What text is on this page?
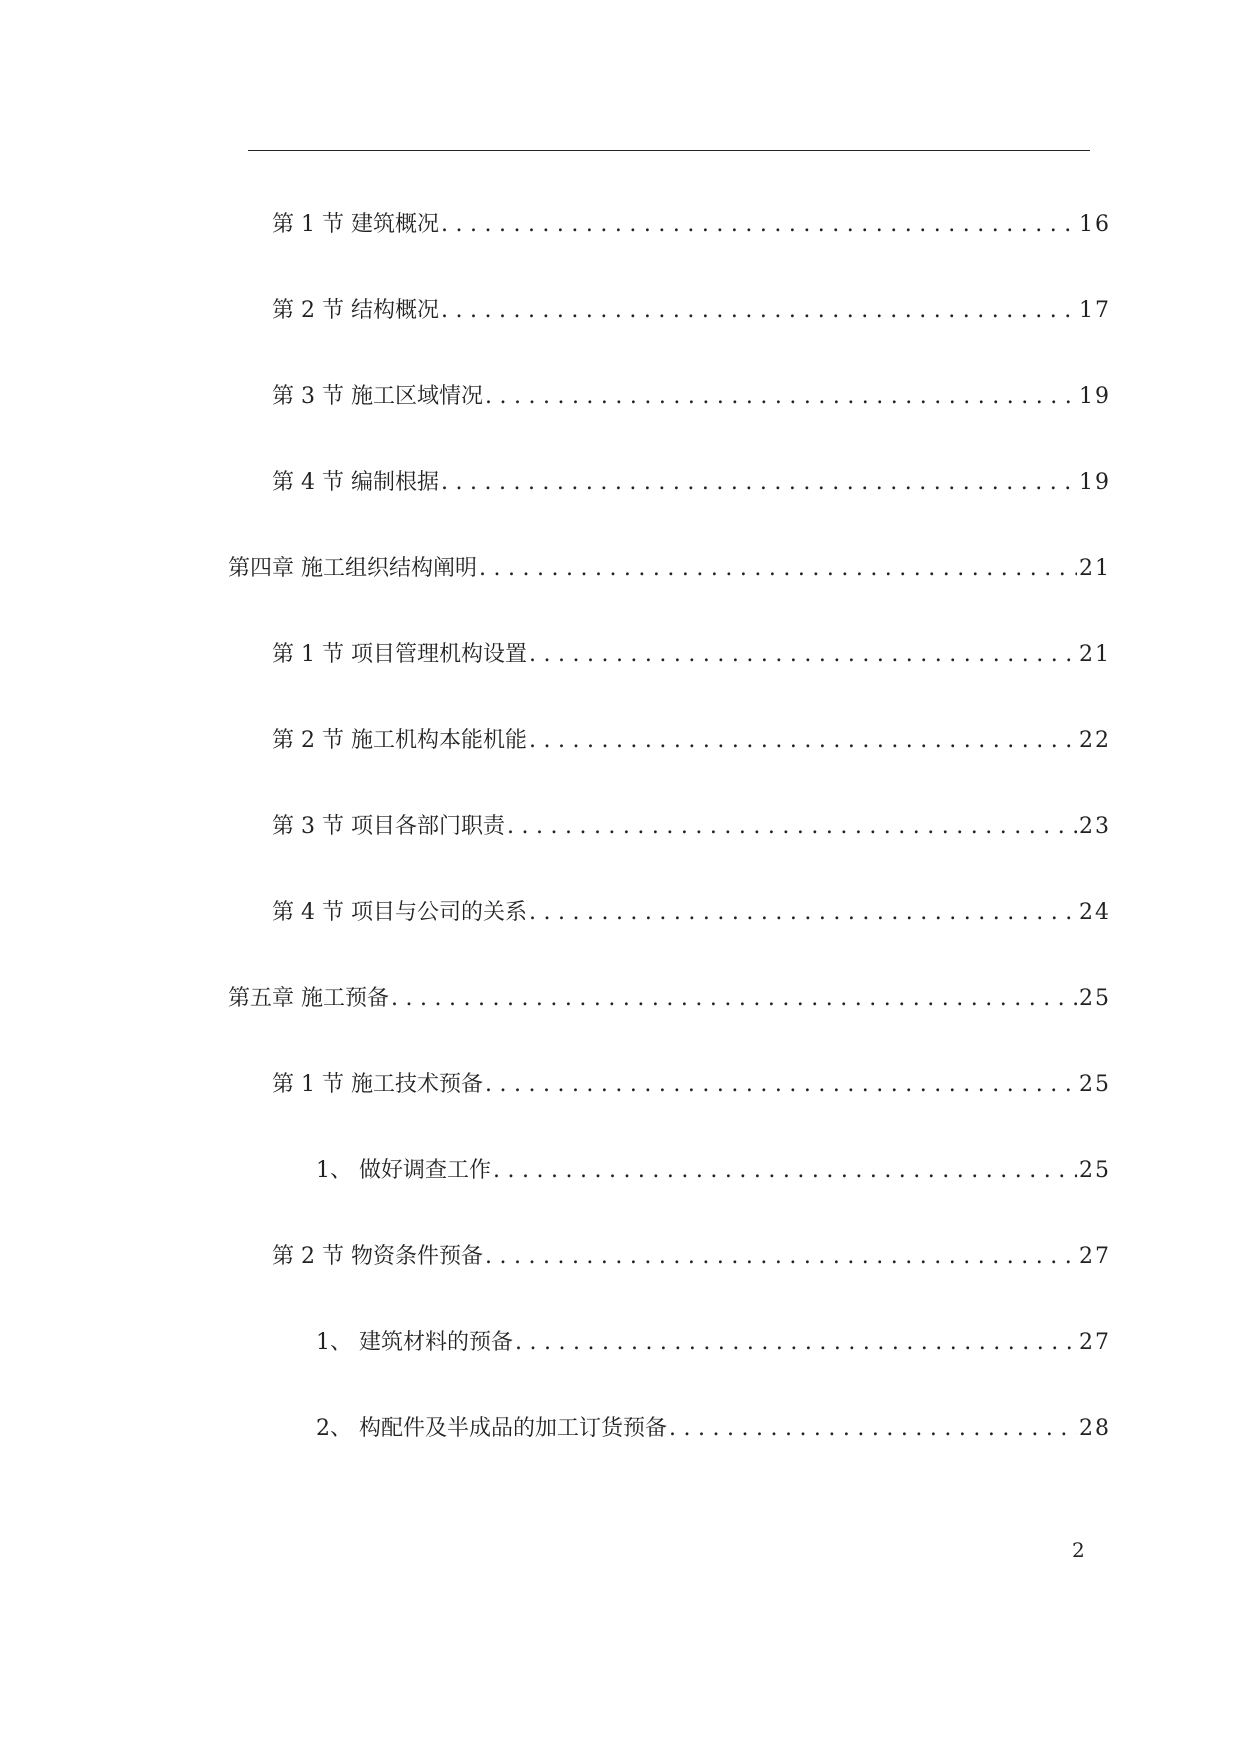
第 1 节 建筑概况 .....	16
第 2 节 结构概况 .....	17
第 3 节 施工区域情况 .....	19
第 4 节 编制根据 .....	19
第四章 施工组织结构阐明 .....	21
第 1 节 项目管理机构设置 .....	21
第 2 节 施工机构本能机能 .....	22
第 3 节 项目各部门职责 .....	23
第 4 节 项目与公司的关系 .....	24
第五章 施工预备 .....	25
第 1 节 施工技术预备 .....	25
1、 做好调查工作 .....	25
第 2 节 物资条件预备 .....	27
1、 建筑材料的预备 .....	27
2、 构配件及半成品的加工订货预备 .....	28
2
